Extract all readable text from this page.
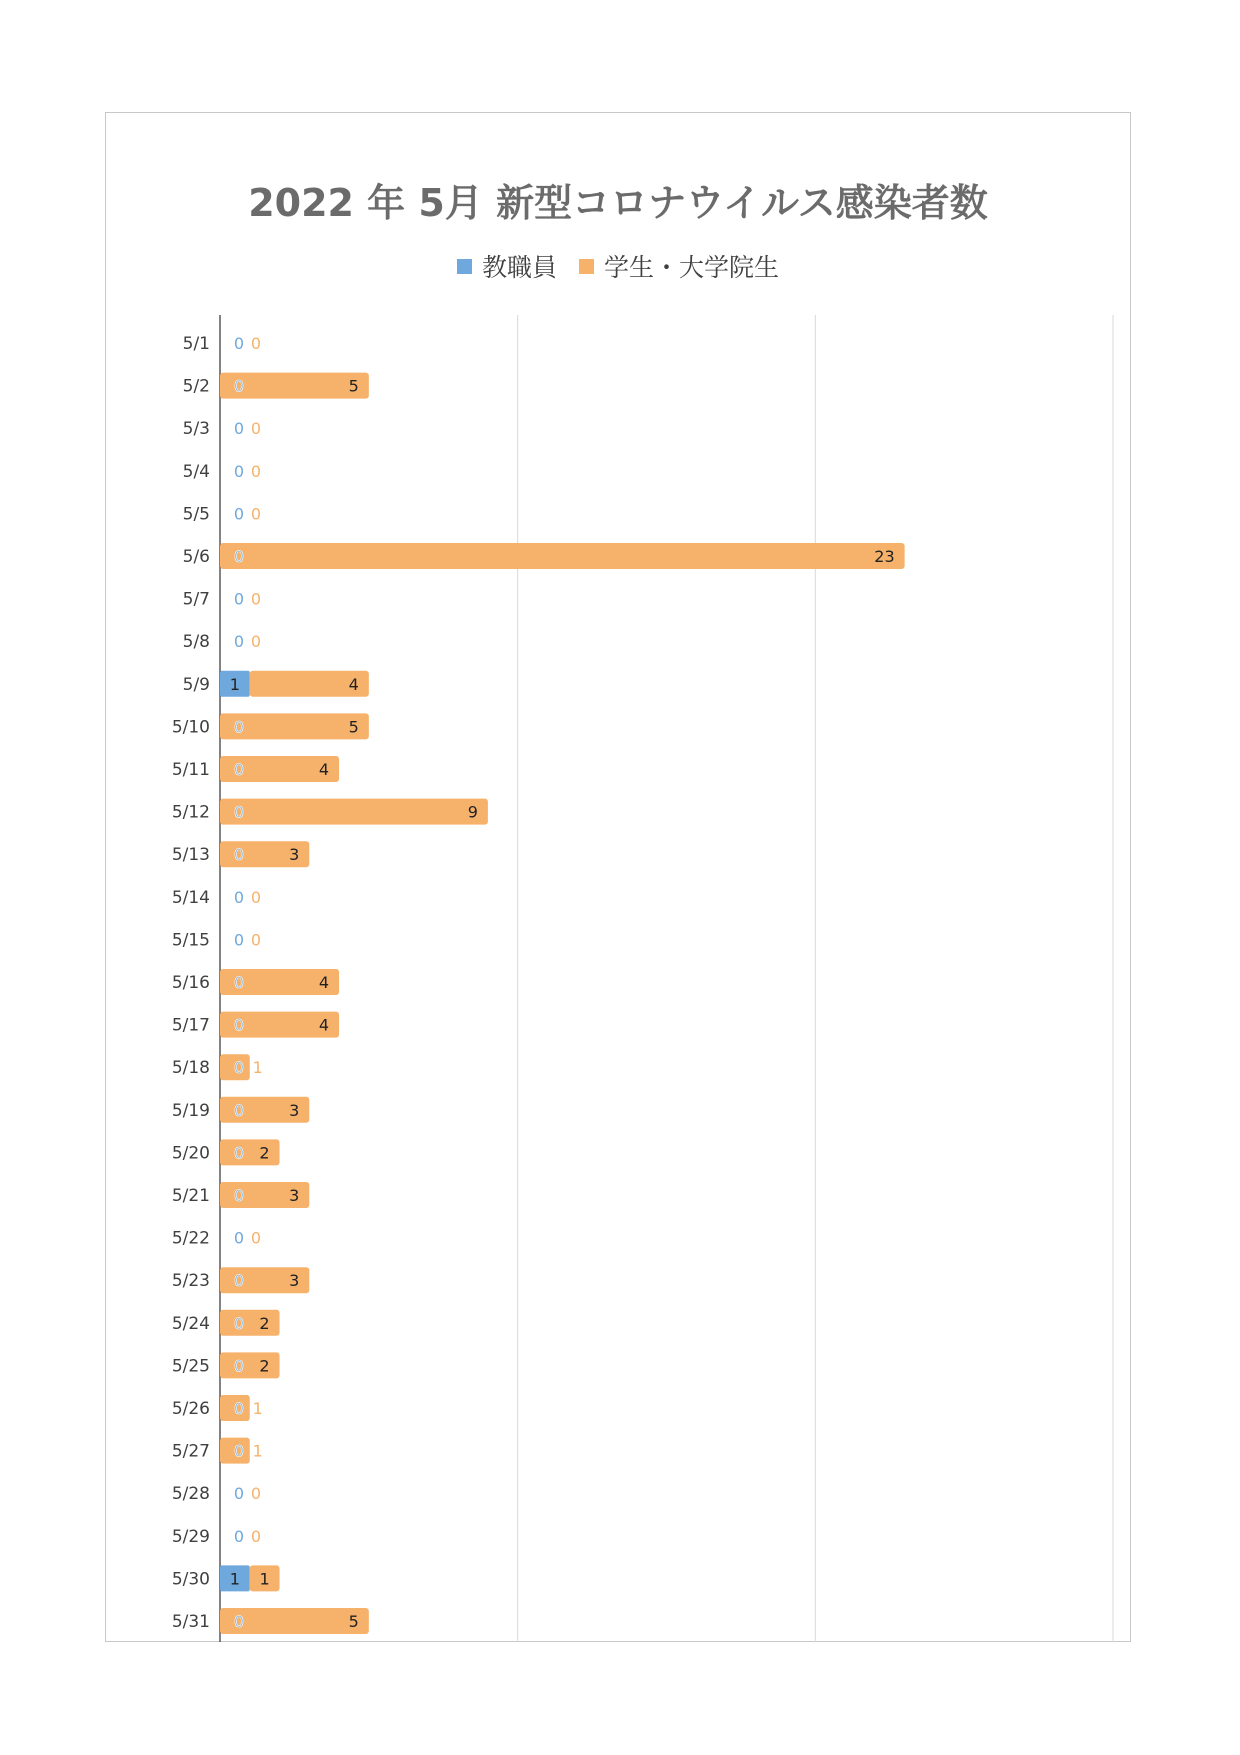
2022 年 5月 新型コロナウイルス感染者数
教職員 学生・大学院生
5/1 0 0
5/2 0	5
5/3 0 0
5/4 0 0
5/5 0 0
5/6 0	23
5/7 0 0
5/8 0 0
5/9 1	4
5/10 0	5
5/11 0	4
5/12 0	9
5/13 0	3
5/14 0 0
5/15 0 0
5/16 0	4
5/17 0	4
5/18 0 1
5/19 0	3
5/20 0 2
5/21 0	3
5/22 0 0
5/23 0	3
5/24 0 2
5/25 0 2
5/26 0 1
5/27 0 1
5/28 0 0
5/29 0 0
5/30 1 1
5/31 0	5
